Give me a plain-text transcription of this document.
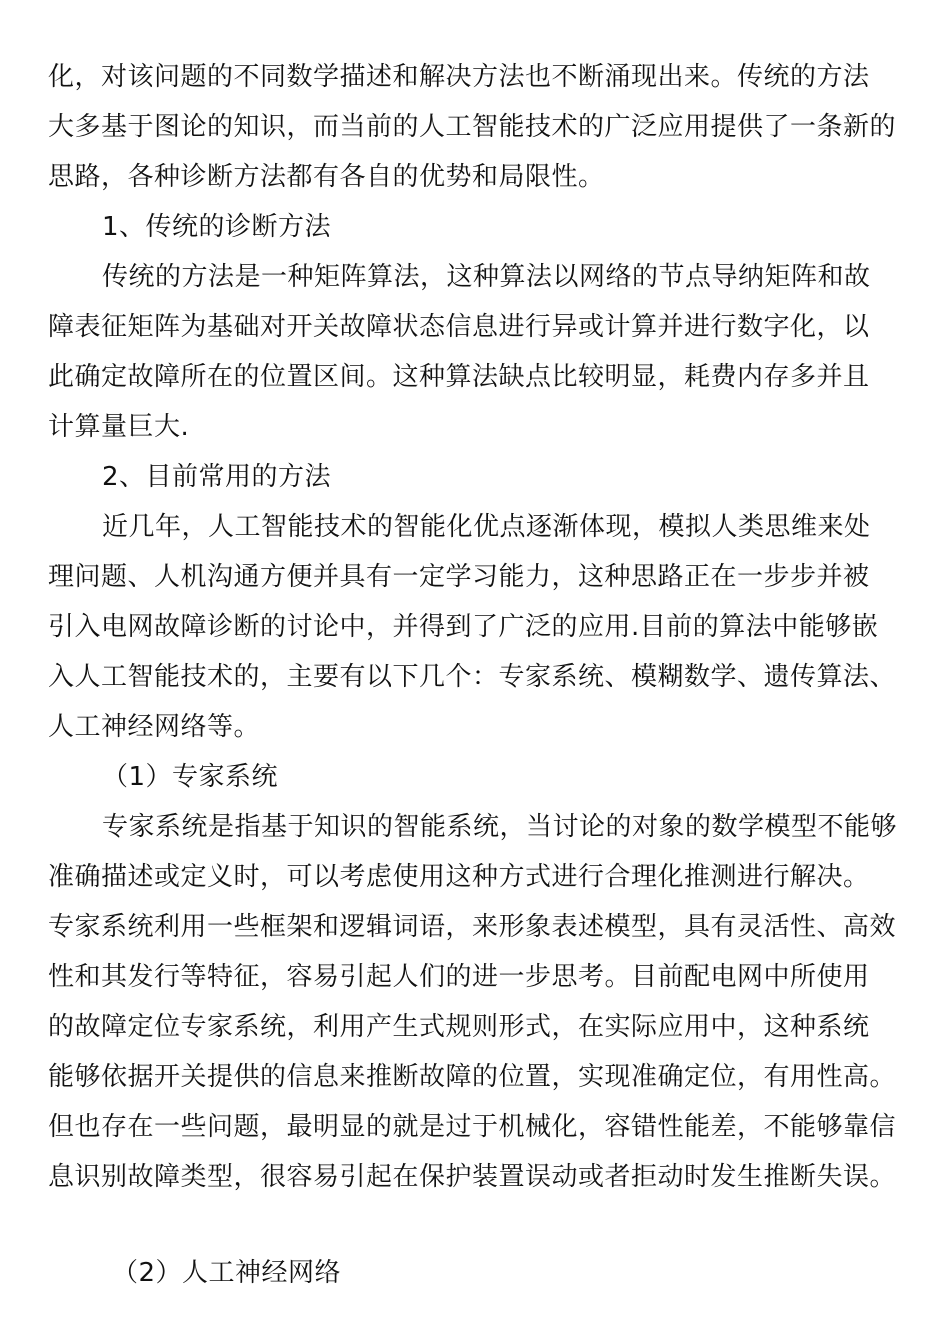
化，对该问题的不同数学描述和解决方法也不断涌现出来。传统的方法
大多基于图论的知识，而当前的人工智能技术的广泛应用提供了一条新的
思路，各种诊断方法都有各自的优势和局限性。
1、传统的诊断方法
传统的方法是一种矩阵算法，这种算法以网络的节点导纳矩阵和故
障表征矩阵为基础对开关故障状态信息进行异或计算并进行数字化，以
此确定故障所在的位置区间。这种算法缺点比较明显，耗费内存多并且
计算量巨大.
2、目前常用的方法
近几年，人工智能技术的智能化优点逐渐体现，模拟人类思维来处
理问题、人机沟通方便并具有一定学习能力，这种思路正在一步步并被
引入电网故障诊断的讨论中，并得到了广泛的应用.目前的算法中能够嵌
入人工智能技术的，主要有以下几个：专家系统、模糊数学、遗传算法、
人工神经网络等。
（1）专家系统
专家系统是指基于知识的智能系统，当讨论的对象的数学模型不能够
准确描述或定义时，可以考虑使用这种方式进行合理化推测进行解决。
专家系统利用一些框架和逻辑词语，来形象表述模型，具有灵活性、高效
性和其发行等特征，容易引起人们的进一步思考。目前配电网中所使用
的故障定位专家系统，利用产生式规则形式，在实际应用中，这种系统
能够依据开关提供的信息来推断故障的位置，实现准确定位，有用性高。
但也存在一些问题，最明显的就是过于机械化，容错性能差，不能够靠信
息识别故障类型，很容易引起在保护装置误动或者拒动时发生推断失误。
（2）人工神经网络
